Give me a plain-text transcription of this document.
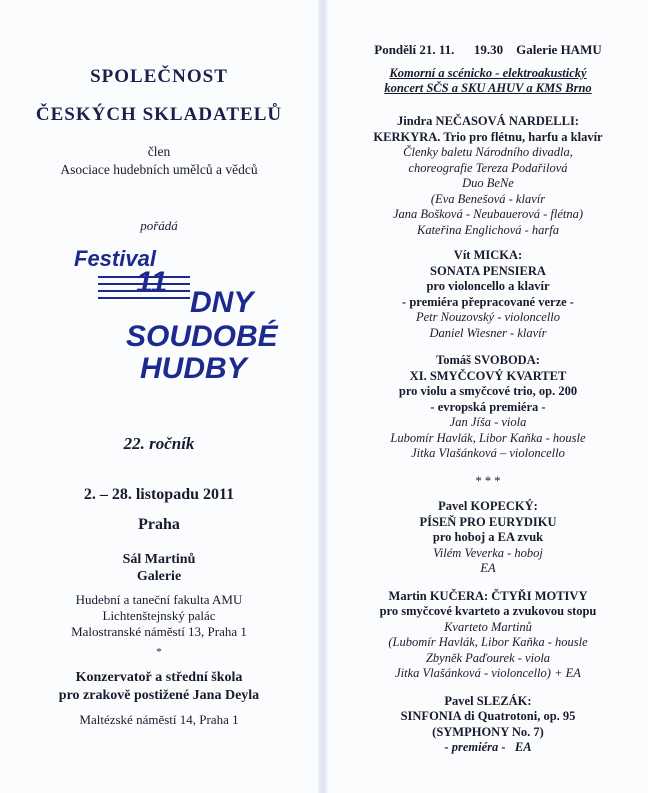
SPOLEČNOST
ČESKÝCH SKLADATELŮ
člen
Asociace hudebních umělců a vědců
pořádá
Festival
11
DNY
SOUDOBÉ
HUDBY
22. ročník
2. – 28. listopadu 2011
Praha
Sál Martinů
Galerie
Hudební a taneční fakulta AMU
Lichtenštejnský palác
Malostranské náměstí 13, Praha 1
*
Konzervatoř a střední škola
pro zrakově postižené Jana Deyla
Maltézské náměstí 14, Praha 1
Pondělí 21. 11.      19.30    Galerie HAMU
Komorní a scénicko - elektroakustický
koncert SČS a SKU AHUV a KMS Brno
Jindra NEČASOVÁ NARDELLI:
KERKYRA. Trio pro flétnu, harfu a klavír
Členky baletu Národního divadla,
choreografie Tereza Podařilová
Duo BeNe
(Eva Benešová - klavír
Jana Bošková - Neubauerová - flétna)
Kateřina Englichová - harfa
Vít MICKA:
SONATA PENSIERA
pro violoncello a klavír
- premiéra přepracované verze -
Petr Nouzovský - violoncello
Daniel Wiesner - klavír
Tomáš SVOBODA:
XI. SMYČCOVÝ KVARTET
pro violu a smyčcové trio, op. 200
- evropská premiéra -
Jan Jíša - viola
Lubomír Havlák, Libor Kaňka - housle
Jitka Vlašánková – violoncello
* * *
Pavel KOPECKÝ:
PÍSEŇ PRO EURYDIKU
pro hoboj a EA zvuk
Vilém Veverka - hoboj
EA
Martin KUČERA: ČTYŘI MOTIVY
pro smyčcové kvarteto a zvukovou stopu
Kvarteto Martinů
(Lubomír Havlák, Libor Kaňka - housle
Zbyněk Paďourek - viola
Jitka Vlašánková - violoncello) + EA
Pavel SLEZÁK:
SINFONIA di Quatrotoni, op. 95
(SYMPHONY No. 7)
- premiéra -   EA
